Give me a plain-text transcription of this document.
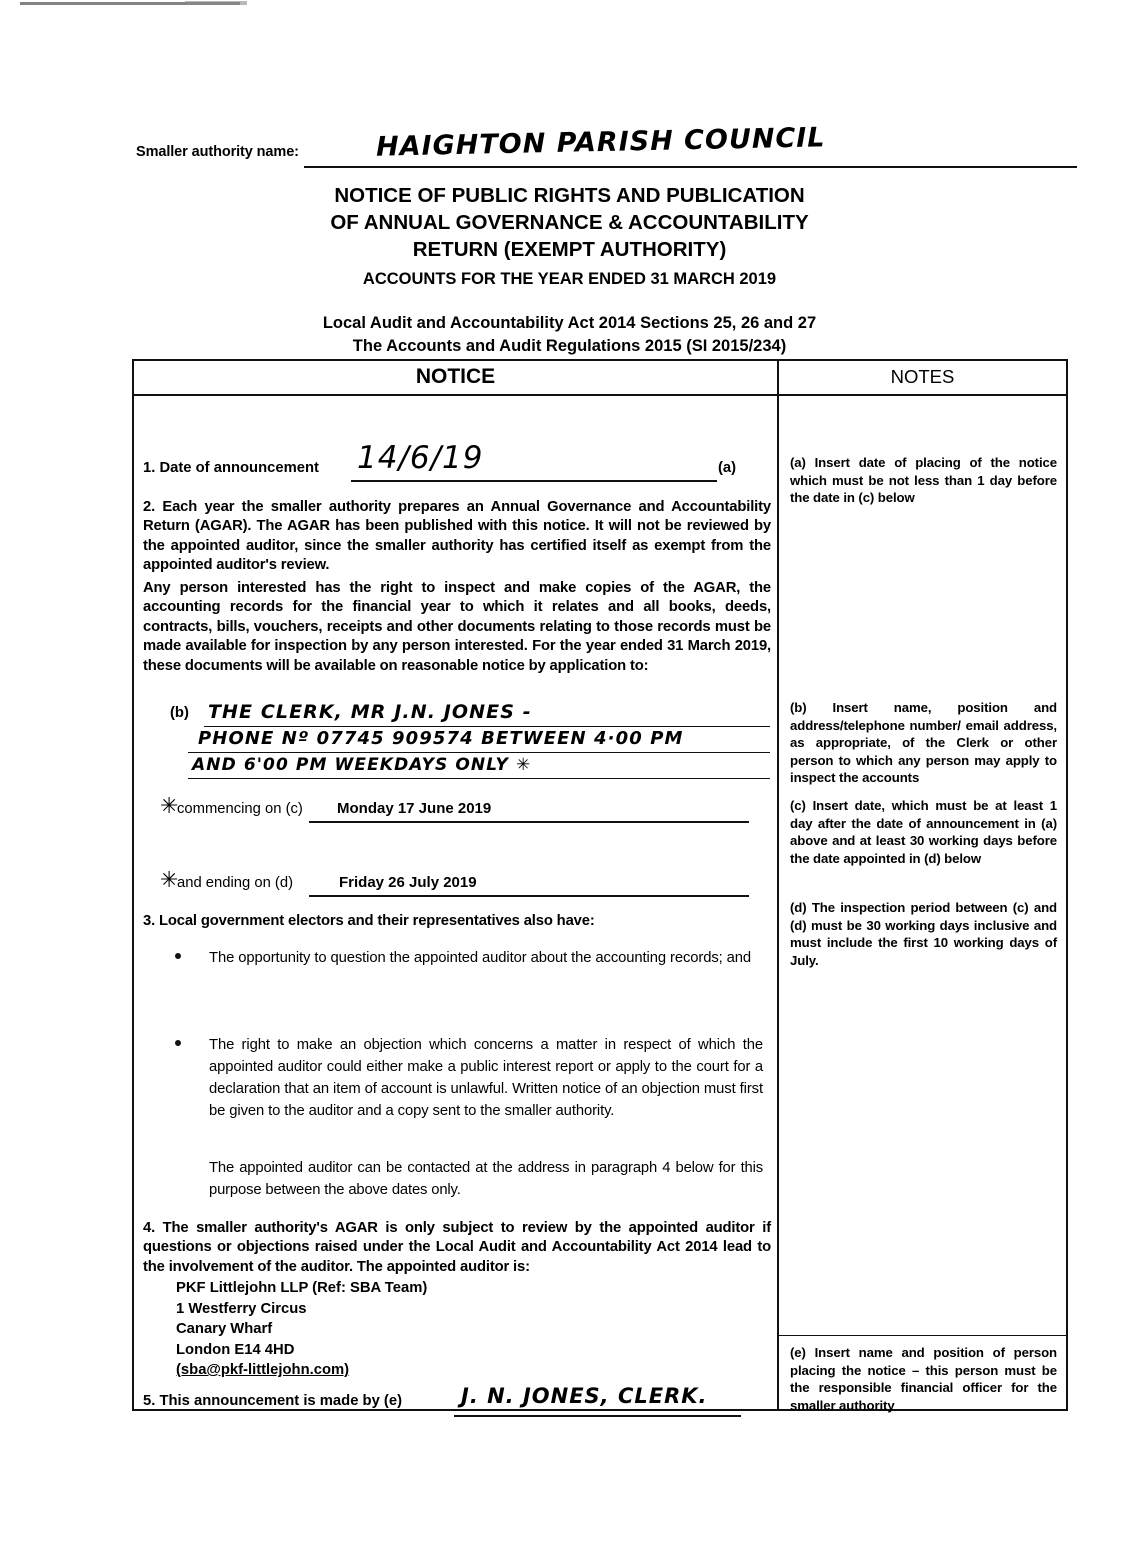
Smaller authority name:	HAIGHTON PARISH COUNCIL
NOTICE OF PUBLIC RIGHTS AND PUBLICATION
OF ANNUAL GOVERNANCE & ACCOUNTABILITY
RETURN (EXEMPT AUTHORITY)
ACCOUNTS FOR THE YEAR ENDED 31 MARCH 2019
Local Audit and Accountability Act 2014 Sections 25, 26 and 27
The Accounts and Audit Regulations 2015 (SI 2015/234)
NOTICE	NOTES
1. Date of announcement 14/6/19	(a)
2. Each year the smaller authority prepares an Annual Governance and Accountability Return (AGAR). The AGAR has been published with this notice. It will not be reviewed by the appointed auditor, since the smaller authority has certified itself as exempt from the appointed auditor's review.
Any person interested has the right to inspect and make copies of the AGAR, the accounting records for the financial year to which it relates and all books, deeds, contracts, bills, vouchers, receipts and other documents relating to those records must be made available for inspection by any person interested. For the year ended 31 March 2019, these documents will be available on reasonable notice by application to:
(b) THE CLERK, MR J.N. JONES -
PHONE Nº 07745 909574 BETWEEN 4·00 PM
AND 6'00 PM WEEKDAYS ONLY ✳
✳
commencing on (c) Monday 17 June 2019
✳
and ending on (d)	Friday 26 July 2019
3. Local government electors and their representatives also have:
The opportunity to question the appointed auditor about the accounting records; and
The right to make an objection which concerns a matter in respect of which the appointed auditor could either make a public interest report or apply to the court for a declaration that an item of account is unlawful. Written notice of an objection must first be given to the auditor and a copy sent to the smaller authority.
The appointed auditor can be contacted at the address in paragraph 4 below for this purpose between the above dates only.
4. The smaller authority's AGAR is only subject to review by the appointed auditor if questions or objections raised under the Local Audit and Accountability Act 2014 lead to the involvement of the auditor. The appointed auditor is:
PKF Littlejohn LLP (Ref: SBA Team)
1 Westferry Circus
Canary Wharf
London E14 4HD
(sba@pkf-littlejohn.com)
5. This announcement is made by (e)	J. N. JONES, CLERK.
(a) Insert date of placing of the notice which must be not less than 1 day before the date in (c) below
(b) Insert name, position and address/telephone number/ email address, as appropriate, of the Clerk or other person to which any person may apply to inspect the accounts
(c) Insert date, which must be at least 1 day after the date of announcement in (a) above and at least 30 working days before the date appointed in (d) below
(d) The inspection period between (c) and (d) must be 30 working days inclusive and must include the first 10 working days of July.
(e) Insert name and position of person placing the notice – this person must be the responsible financial officer for the smaller authority
